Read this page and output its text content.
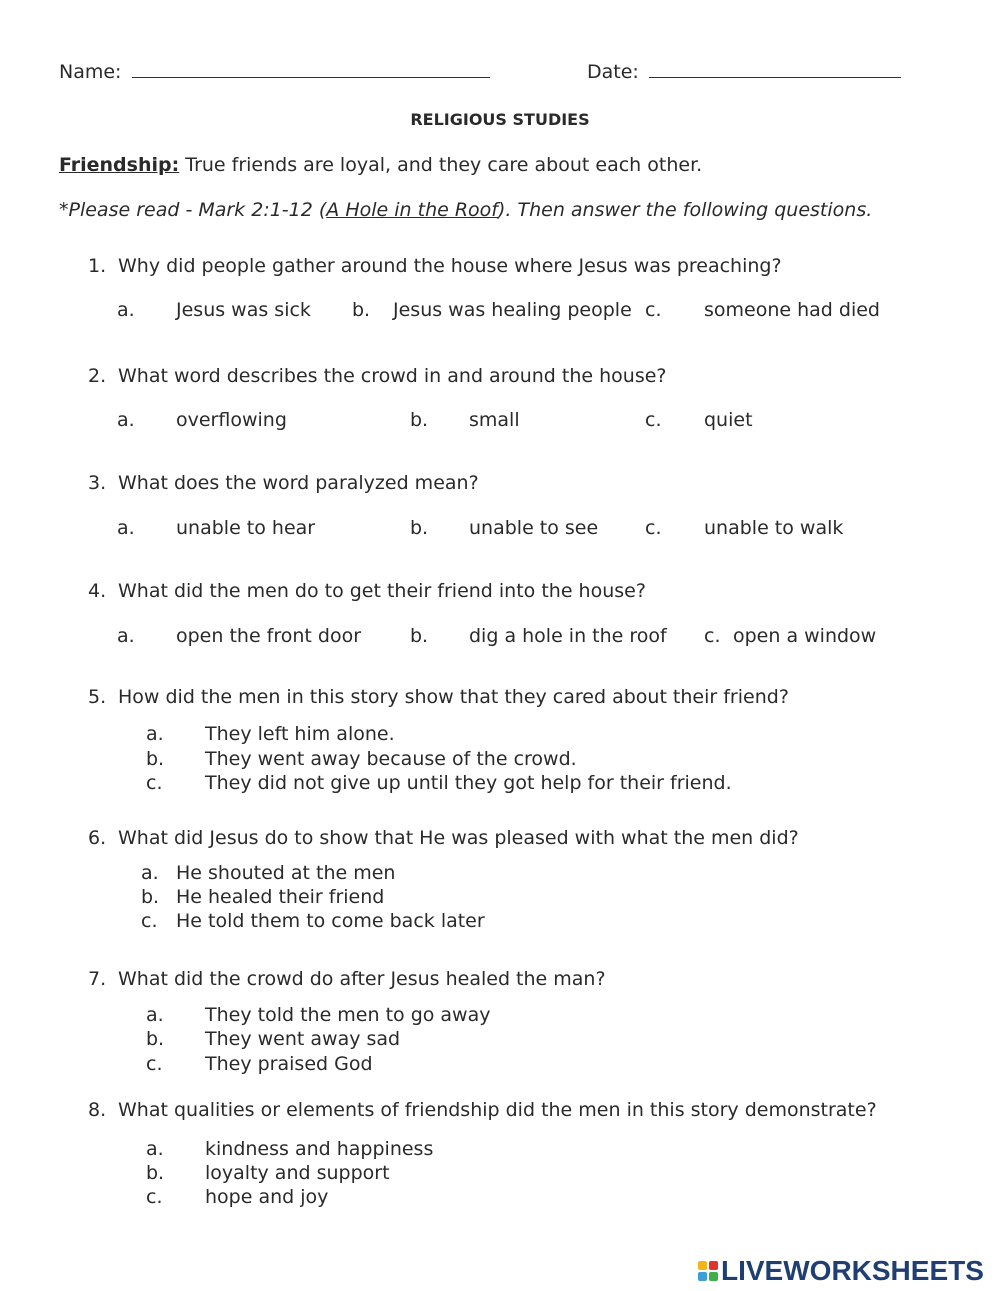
Name:	Date:
RELIGIOUS STUDIES
Friendship: True friends are loyal, and they care about each other.
*Please read - Mark 2:1-12 (A Hole in the Roof). Then answer the following questions.
1. Why did people gather around the house where Jesus was preaching?
a. Jesus was sick b. Jesus was healing people c. someone had died
2. What word describes the crowd in and around the house?
a. overflowing	b. small	c. quiet
3. What does the word paralyzed mean?
a. unable to hear	b. unable to see c. unable to walk
4. What did the men do to get their friend into the house?
a. open the front door	b. dig a hole in the roof c. open a window
5. How did the men in this story show that they cared about their friend?
a. They left him alone.
b. They went away because of the crowd.
c. They did not give up until they got help for their friend.
6. What did Jesus do to show that He was pleased with what the men did?
a. He shouted at the men
b. He healed their friend
c. He told them to come back later
7. What did the crowd do after Jesus healed the man?
a. They told the men to go away
b. They went away sad
c. They praised God
8. What qualities or elements of friendship did the men in this story demonstrate?
a. kindness and happiness
b. loyalty and support
c. hope and joy
LIVEWORKSHEETS
